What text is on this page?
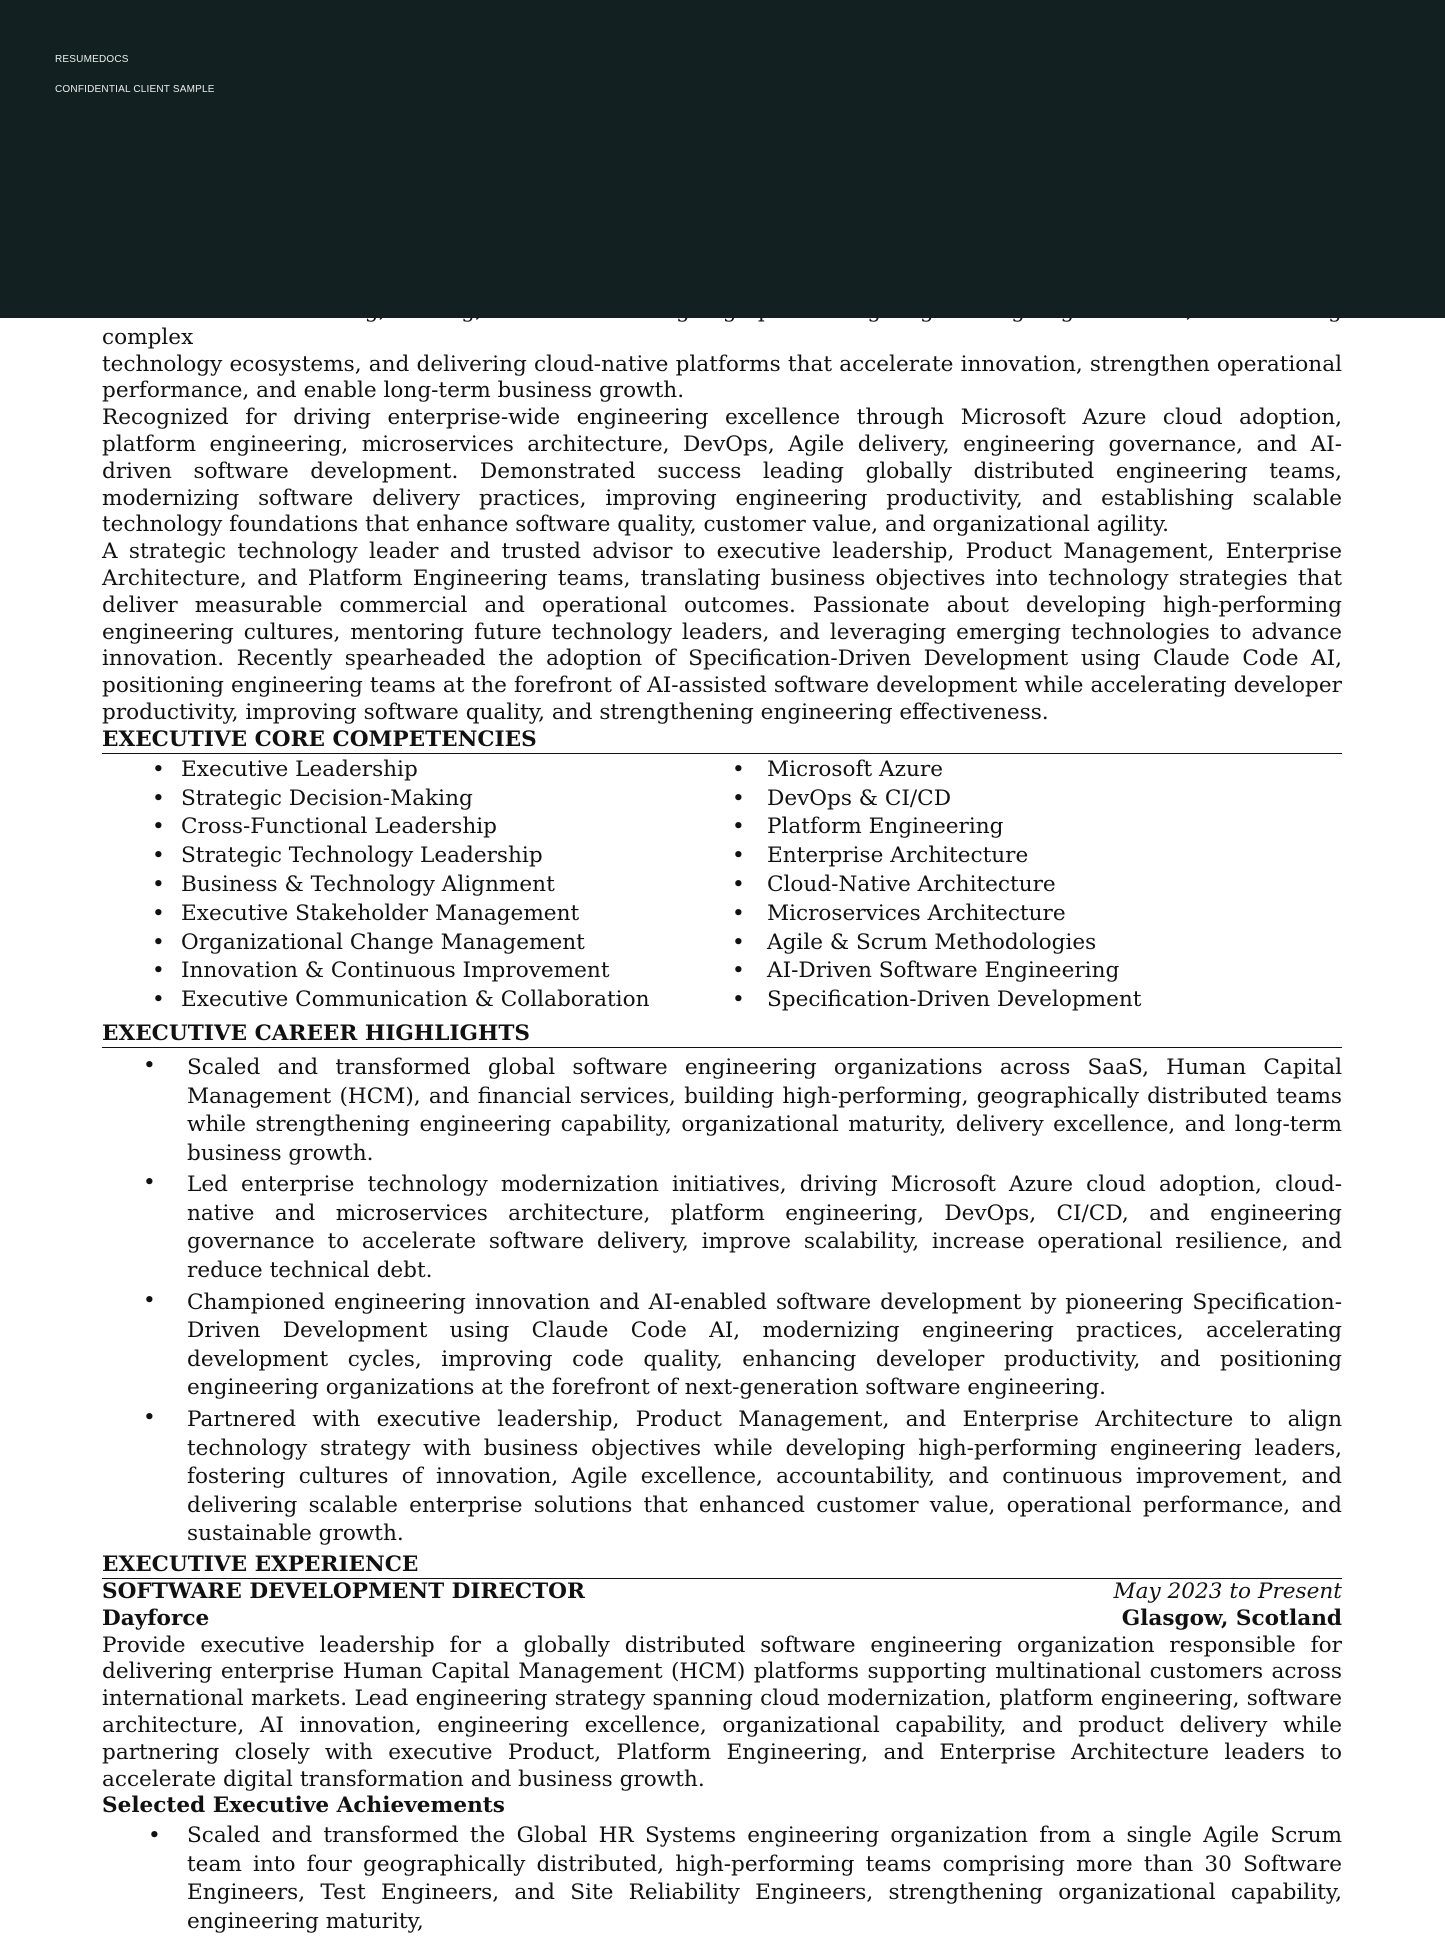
RESUMEDOCS
CONFIDENTIAL CLIENT SAMPLE

complex

technology ecosystems, and delivering cloud-native platforms that accelerate innovation, strengthen operational performance, and enable long-term business growth.

Recognized for driving enterprise-wide engineering excellence through Microsoft Azure cloud adoption, platform engineering, microservices architecture, DevOps, Agile delivery, engineering governance, and AI-driven software development. Demonstrated success leading globally distributed engineering teams, modernizing software delivery practices, improving engineering productivity, and establishing scalable technology foundations that enhance software quality, customer value, and organizational agility.

A strategic technology leader and trusted advisor to executive leadership, Product Management, Enterprise Architecture, and Platform Engineering teams, translating business objectives into technology strategies that deliver measurable commercial and operational outcomes. Passionate about developing high-performing engineering cultures, mentoring future technology leaders, and leveraging emerging technologies to advance innovation. Recently spearheaded the adoption of Specification-Driven Development using Claude Code AI, positioning engineering teams at the forefront of AI-assisted software development while accelerating developer productivity, improving software quality, and strengthening engineering effectiveness.

EXECUTIVE CORE COMPETENCIES
• Executive Leadership
• Strategic Decision-Making
• Cross-Functional Leadership
• Strategic Technology Leadership
• Business & Technology Alignment
• Executive Stakeholder Management
• Organizational Change Management
• Innovation & Continuous Improvement
• Executive Communication & Collaboration
• Microsoft Azure
• DevOps & CI/CD
• Platform Engineering
• Enterprise Architecture
• Cloud-Native Architecture
• Microservices Architecture
• Agile & Scrum Methodologies
• AI-Driven Software Engineering
• Specification-Driven Development
EXECUTIVE CAREER HIGHLIGHTS
• Scaled and transformed global software engineering organizations across SaaS, Human Capital Management (HCM), and financial services, building high-performing, geographically distributed teams while strengthening engineering capability, organizational maturity, delivery excellence, and long-term business growth.
• Led enterprise technology modernization initiatives, driving Microsoft Azure cloud adoption, cloud-native and microservices architecture, platform engineering, DevOps, CI/CD, and engineering governance to accelerate software delivery, improve scalability, increase operational resilience, and reduce technical debt.
• Championed engineering innovation and AI-enabled software development by pioneering Specification-Driven Development using Claude Code AI, modernizing engineering practices, accelerating development cycles, improving code quality, enhancing developer productivity, and positioning engineering organizations at the forefront of next-generation software engineering.
• Partnered with executive leadership, Product Management, and Enterprise Architecture to align technology strategy with business objectives while developing high-performing engineering leaders, fostering cultures of innovation, Agile excellence, accountability, and continuous improvement, and delivering scalable enterprise solutions that enhanced customer value, operational performance, and sustainable growth.
EXECUTIVE EXPERIENCE
SOFTWARE DEVELOPMENT DIRECTOR	May 2023 to Present
Dayforce	Glasgow, Scotland

Provide executive leadership for a globally distributed software engineering organization responsible for delivering enterprise Human Capital Management (HCM) platforms supporting multinational customers across international markets. Lead engineering strategy spanning cloud modernization, platform engineering, software architecture, AI innovation, engineering excellence, organizational capability, and product delivery while partnering closely with executive Product, Platform Engineering, and Enterprise Architecture leaders to accelerate digital transformation and business growth.

Selected Executive Achievements
• Scaled and transformed the Global HR Systems engineering organization from a single Agile Scrum team into four geographically distributed, high-performing teams comprising more than 30 Software Engineers, Test Engineers, and Site Reliability Engineers, strengthening organizational capability, engineering maturity,
